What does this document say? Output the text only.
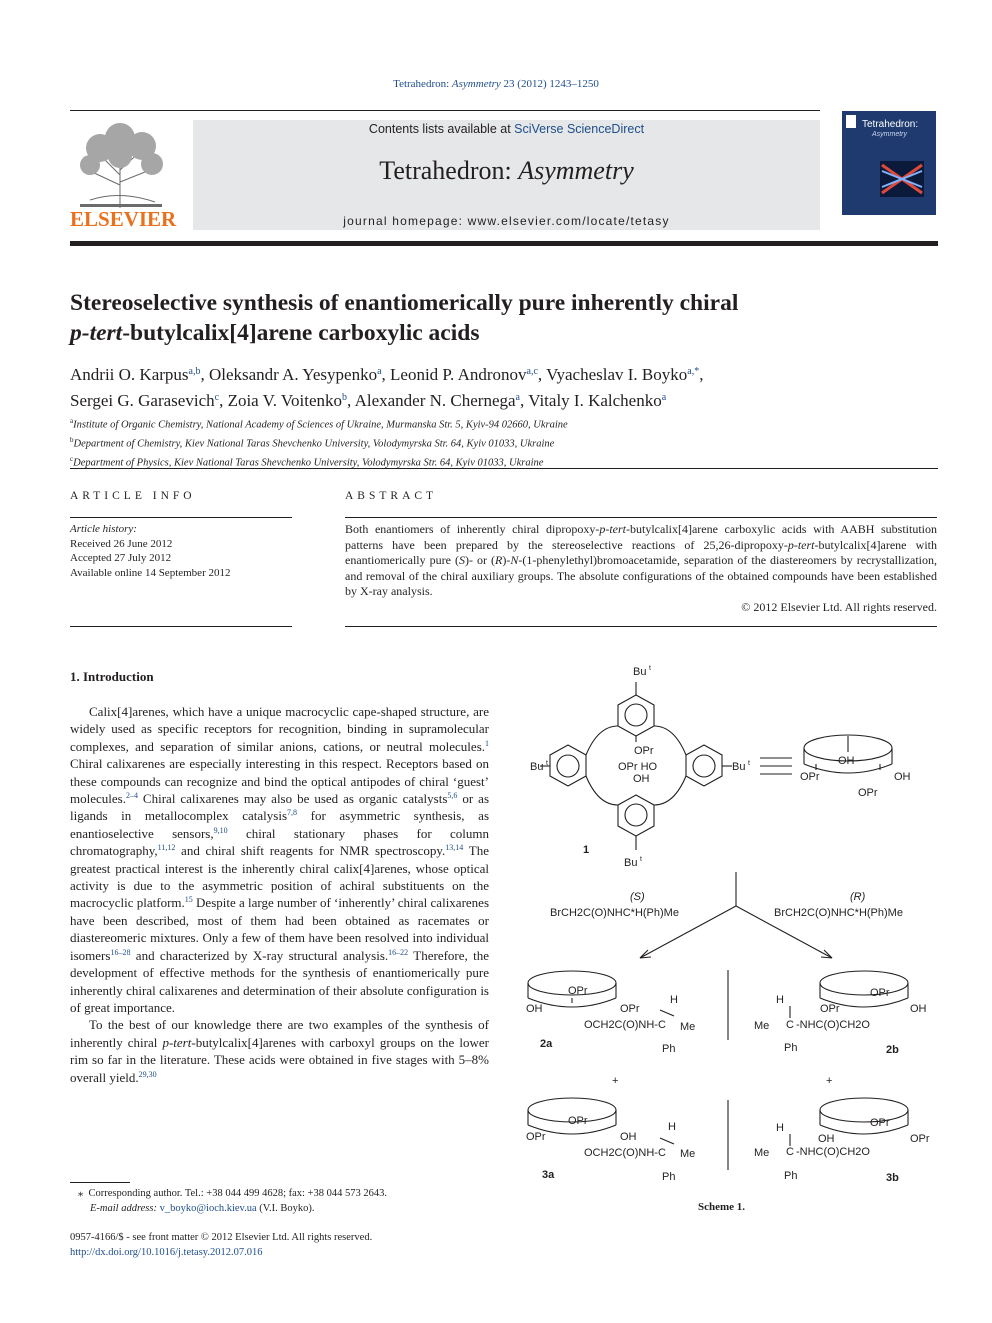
Tetrahedron: Asymmetry 23 (2012) 1243–1250
ELSEVIER
Contents lists available at SciVerse ScienceDirect
Tetrahedron: Asymmetry
journal homepage: www.elsevier.com/locate/tetasy
Tetrahedron:
Asymmetry
Stereoselective synthesis of enantiomerically pure inherently chiral
p-tert-butylcalix[4]arene carboxylic acids
Andrii O. Karpus$^{a,b}$, Oleksandr A. Yesypenko$^a$, Leonid P. Andronov$^{a,c}$, Vyacheslav I. Boyko$^{a,*}$,
Sergei G. Garasevich$^c$, Zoia V. Voitenko$^b$, Alexander N. Chernega$^a$, Vitaly I. Kalchenko$^a$
$^a$Institute of Organic Chemistry, National Academy of Sciences of Ukraine, Murmanska Str. 5, Kyiv-94 02660, Ukraine
$^b$Department of Chemistry, Kiev National Taras Shevchenko University, Volodymyrska Str. 64, Kyiv 01033, Ukraine
$^c$Department of Physics, Kiev National Taras Shevchenko University, Volodymyrska Str. 64, Kyiv 01033, Ukraine
ARTICLE INFO
Article history:
Received 26 June 2012
Accepted 27 July 2012
Available online 14 September 2012
ABSTRACT
Both enantiomers of inherently chiral dipropoxy-p-tert-butylcalix[4]arene carboxylic acids with AABH substitution patterns have been prepared by the stereoselective reactions of 25,26-dipropoxy-p-tert-butylcalix[4]arene with enantiomerically pure (S)- or (R)-N-(1-phenylethyl)bromoacetamide, separation of the diastereomers by recrystallization, and removal of the chiral auxiliary groups. The absolute configurations of the obtained compounds have been established by X-ray analysis.
© 2012 Elsevier Ltd. All rights reserved.
1. Introduction

Calix[4]arenes, which have a unique macrocyclic cape-shaped structure, are widely used as specific receptors for recognition, binding in supramolecular complexes, and separation of similar anions, cations, or neutral molecules.$^1$ Chiral calixarenes are especially interesting in this respect. Receptors based on these compounds can recognize and bind the optical antipodes of chiral ‘guest’ molecules.$^{2-4}$ Chiral calixarenes may also be used as organic catalysts$^{5,6}$ or as ligands in metallocomplex catalysis$^{7,8}$ for asymmetric synthesis, as enantioselective sensors,$^{9,10}$ chiral stationary phases for column chromatography,$^{11,12}$ and chiral shift reagents for NMR spectroscopy.$^{13,14}$ The greatest practical interest is the inherently chiral calix[4]arenes, whose optical activity is due to the asymmetric position of achiral substituents on the macrocyclic platform.$^{15}$ Despite a large number of ‘inherently’ chiral calixarenes have been described, most of them had been obtained as racemates or diastereomeric mixtures. Only a few of them have been resolved into individual isomers$^{16-28}$ and characterized by X-ray structural analysis.$^{16-22}$ Therefore, the development of effective methods for the synthesis of enantiomerically pure inherently chiral calixarenes and determination of their absolute configuration is of great importance.

To the best of our knowledge there are two examples of the synthesis of inherently chiral p-tert-butylcalix[4]arenes with carboxyl groups on the lower rim so far in the literature. These acids were obtained in five stages with 5–8% overall yield.$^{29,30}$

⁎ Corresponding author. Tel.: +38 044 499 4628; fax: +38 044 573 2643.
E-mail address: v_boyko@ioch.kiev.ua (V.I. Boyko).
0957-4166/$ - see front matter © 2012 Elsevier Ltd. All rights reserved.
http://dx.doi.org/10.1016/j.tetasy.2012.07.016
Bu t
OPr
Bu t	OPr HO
OH
Bu t
1
Bu t
OH
OPr	OH
OPr
(S)
BrCH2C(O)NHC*H(Ph)Me
(R)
BrCH2C(O)NHC*H(Ph)Me
OPr
OH	OPr
H
OCH2C(O)NH-C Me
Ph
2a
+
OPr
OPr	OH
H
Me C -NHC(O)CH2O
Ph	2b
+
OPr
OPr	OH
H
OCH2C(O)NH-C Me
Ph
3a
OPr
OH	OPr
H
Me C -NHC(O)CH2O
Ph	3b
Scheme 1.
